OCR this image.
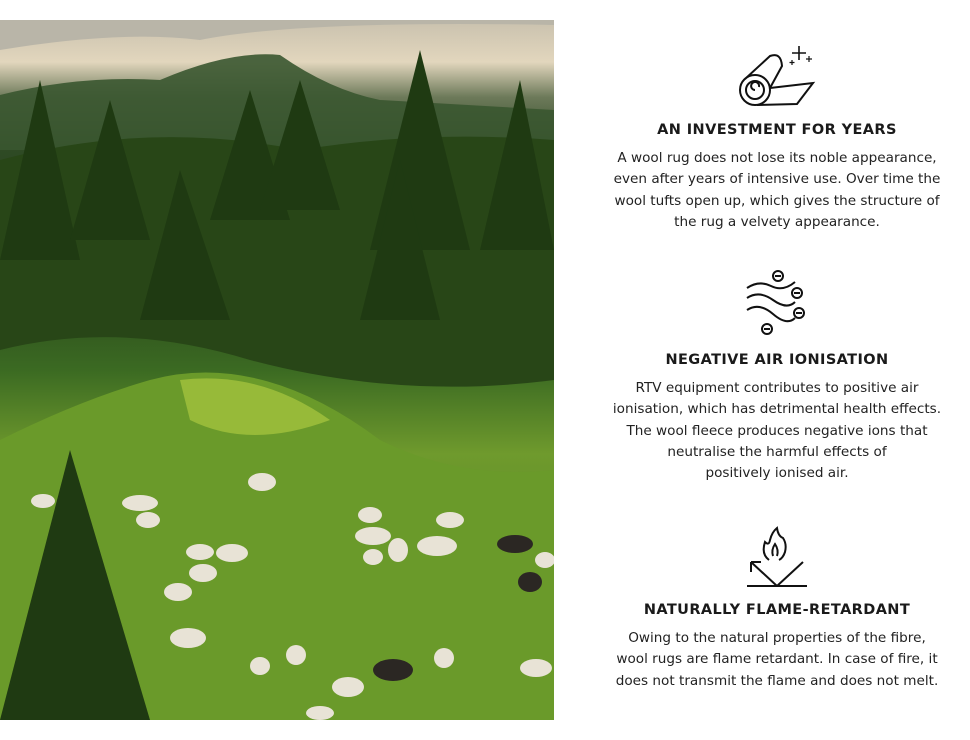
AN INVESTMENT FOR YEARS

A wool rug does not lose its noble appearance,
even after years of intensive use. Over time the
wool tufts open up, which gives the structure of
the rug a velvety appearance.

NEGATIVE AIR IONISATION

RTV equipment contributes to positive air
ionisation, which has detrimental health effects.
The wool fleece produces negative ions that
neutralise the harmful effects of
positively ionised air.

NATURALLY FLAME-RETARDANT

Owing to the natural properties of the fibre,
wool rugs are flame retardant. In case of fire, it
does not transmit the flame and does not melt.
